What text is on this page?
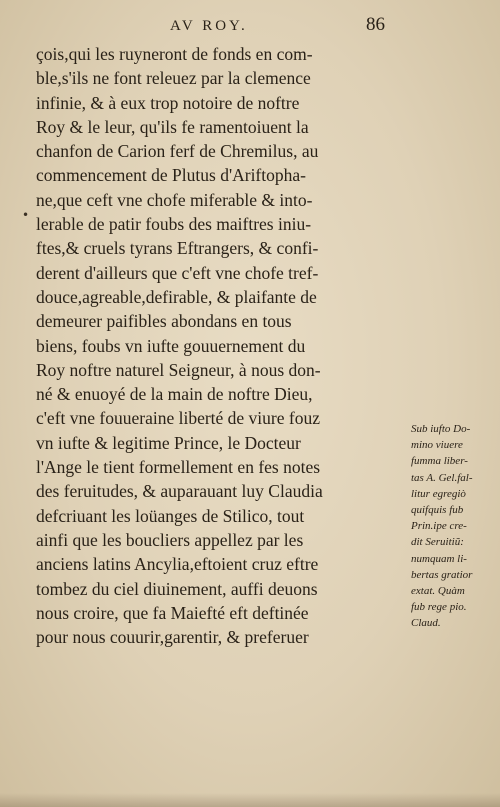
AV ROY.	86
•
çois,qui les ruyneront de fonds en com-
ble,s'ils ne font releuez par la clemence
infinie, & à eux trop notoire de noftre
Roy & le leur, qu'ils fe ramentoiuent la
chanfon de Carion ferf de Chremilus, au
commencement de Plutus d'Ariftopha-
ne,que ceft vne chofe miferable & into-
lerable de patir foubs des maiftres iniu-
ftes,& cruels tyrans Eftrangers, & confi-
derent d'ailleurs que c'eft vne chofe tref-
douce,agreable,defirable, & plaifante de
demeurer paifibles abondans en tous
biens, foubs vn iufte gouuernement du
Roy noftre naturel Seigneur, à nous don-
né & enuoyé de la main de noftre Dieu,
c'eft vne fouueraine liberté de viure fouz
vn iufte & legitime Prince, le Docteur
l'Ange le tient formellement en fes notes
des feruitudes, & auparauant luy Claudia
defcriuant les loüanges de Stilico, tout
ainfi que les boucliers appellez par les
anciens latins Ancylia,eftoient cruz eftre
tombez du ciel diuinement, auffi deuons
nous croire, que fa Maiefté eft deftinée
pour nous couurir,garentir, & preferuer
Sub iufto Do-
mino viuere
fumma liber-
tas A. Gel.fal-
litur egregiò
quifquis fub
Prin.ipe cre-
dit Seruitiũ:
numquam li-
bertas gratior
extat. Quàm
fub rege pio.
Claud.
